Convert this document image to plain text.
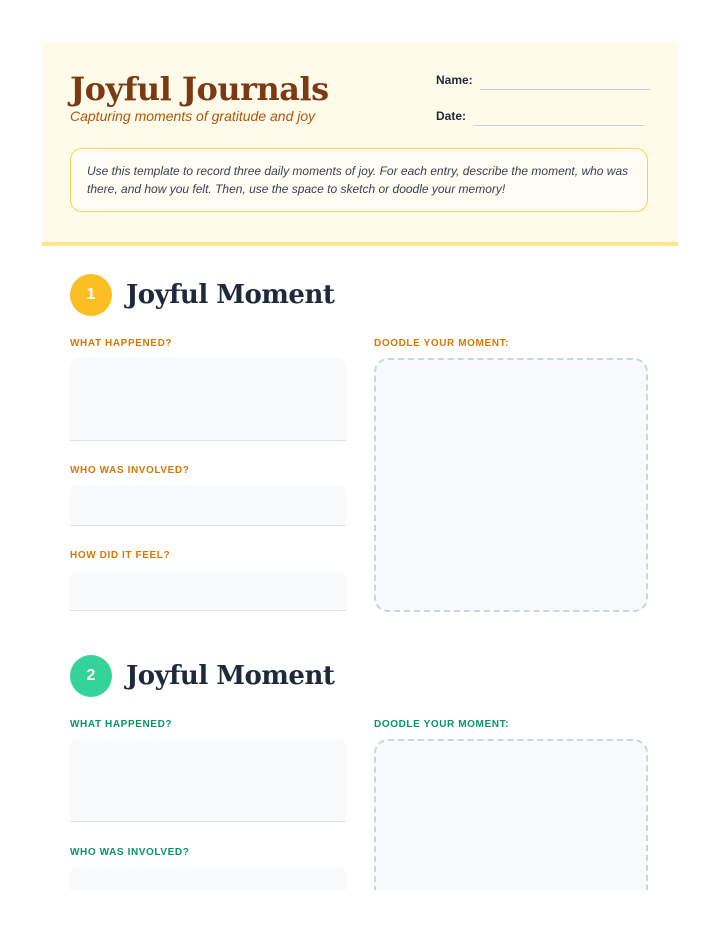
Joyful Journals
Capturing moments of gratitude and joy
Name:
Date:
Use this template to record three daily moments of joy. For each entry, describe the moment, who was there, and how you felt. Then, use the space to sketch or doodle your memory!
1	Joyful Moment
WHAT HAPPENED?
WHO WAS INVOLVED?
HOW DID IT FEEL?
DOODLE YOUR MOMENT:
2	Joyful Moment
WHAT HAPPENED?
WHO WAS INVOLVED?
DOODLE YOUR MOMENT:
